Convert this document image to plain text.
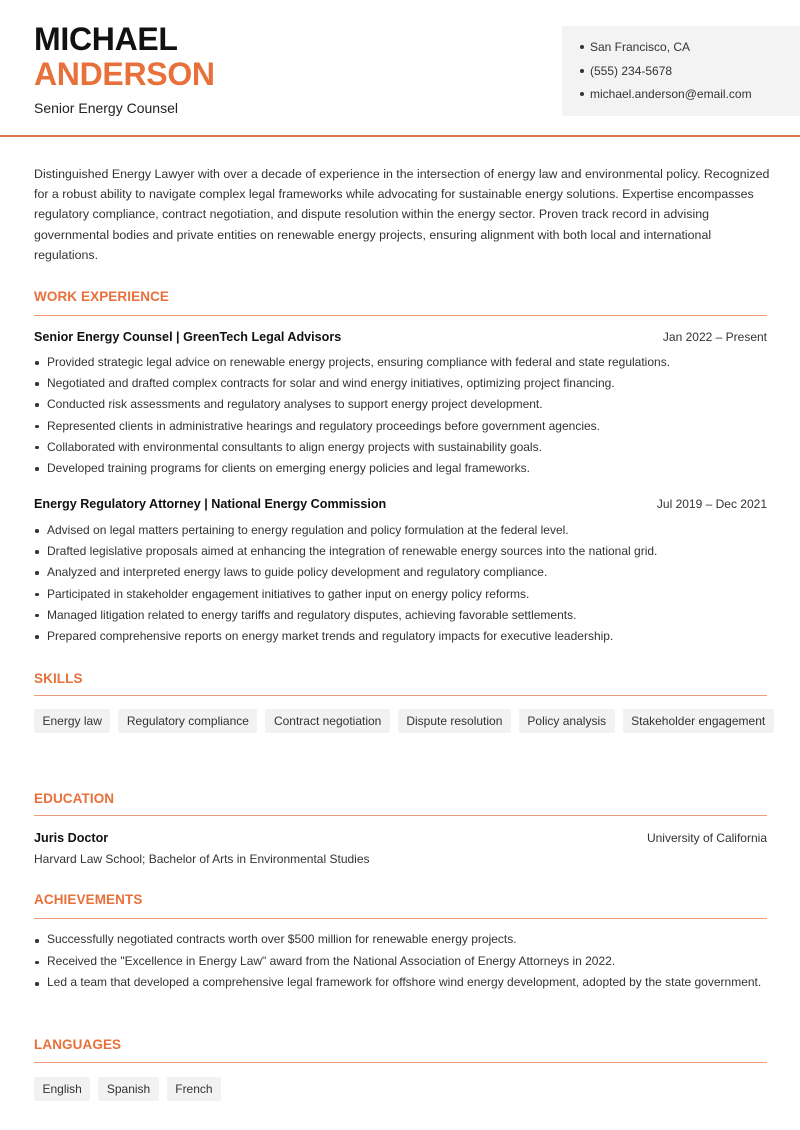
MICHAEL
ANDERSON
Senior Energy Counsel
San Francisco, CA
(555) 234-5678
michael.anderson@email.com

Distinguished Energy Lawyer with over a decade of experience in the intersection of energy law and environmental policy. Recognized for a robust ability to navigate complex legal frameworks while advocating for sustainable energy solutions. Expertise encompasses regulatory compliance, contract negotiation, and dispute resolution within the energy sector. Proven track record in advising governmental bodies and private entities on renewable energy projects, ensuring alignment with both local and international regulations.

WORK EXPERIENCE
Senior Energy Counsel | GreenTech Legal Advisors	Jan 2022 – Present
Provided strategic legal advice on renewable energy projects, ensuring compliance with federal and state regulations.
Negotiated and drafted complex contracts for solar and wind energy initiatives, optimizing project financing.
Conducted risk assessments and regulatory analyses to support energy project development.
Represented clients in administrative hearings and regulatory proceedings before government agencies.
Collaborated with environmental consultants to align energy projects with sustainability goals.
Developed training programs for clients on emerging energy policies and legal frameworks.
Energy Regulatory Attorney | National Energy Commission	Jul 2019 – Dec 2021
Advised on legal matters pertaining to energy regulation and policy formulation at the federal level.
Drafted legislative proposals aimed at enhancing the integration of renewable energy sources into the national grid.
Analyzed and interpreted energy laws to guide policy development and regulatory compliance.
Participated in stakeholder engagement initiatives to gather input on energy policy reforms.
Managed litigation related to energy tariffs and regulatory disputes, achieving favorable settlements.
Prepared comprehensive reports on energy market trends and regulatory impacts for executive leadership.
SKILLS
Energy law	Regulatory compliance	Contract negotiation	Dispute resolution	Policy analysis	Stakeholder engagement
EDUCATION
Juris Doctor	University of California
Harvard Law School; Bachelor of Arts in Environmental Studies
ACHIEVEMENTS
Successfully negotiated contracts worth over $500 million for renewable energy projects.
Received the "Excellence in Energy Law" award from the National Association of Energy Attorneys in 2022.
Led a team that developed a comprehensive legal framework for offshore wind energy development, adopted by the state government.
LANGUAGES
English	Spanish	French
